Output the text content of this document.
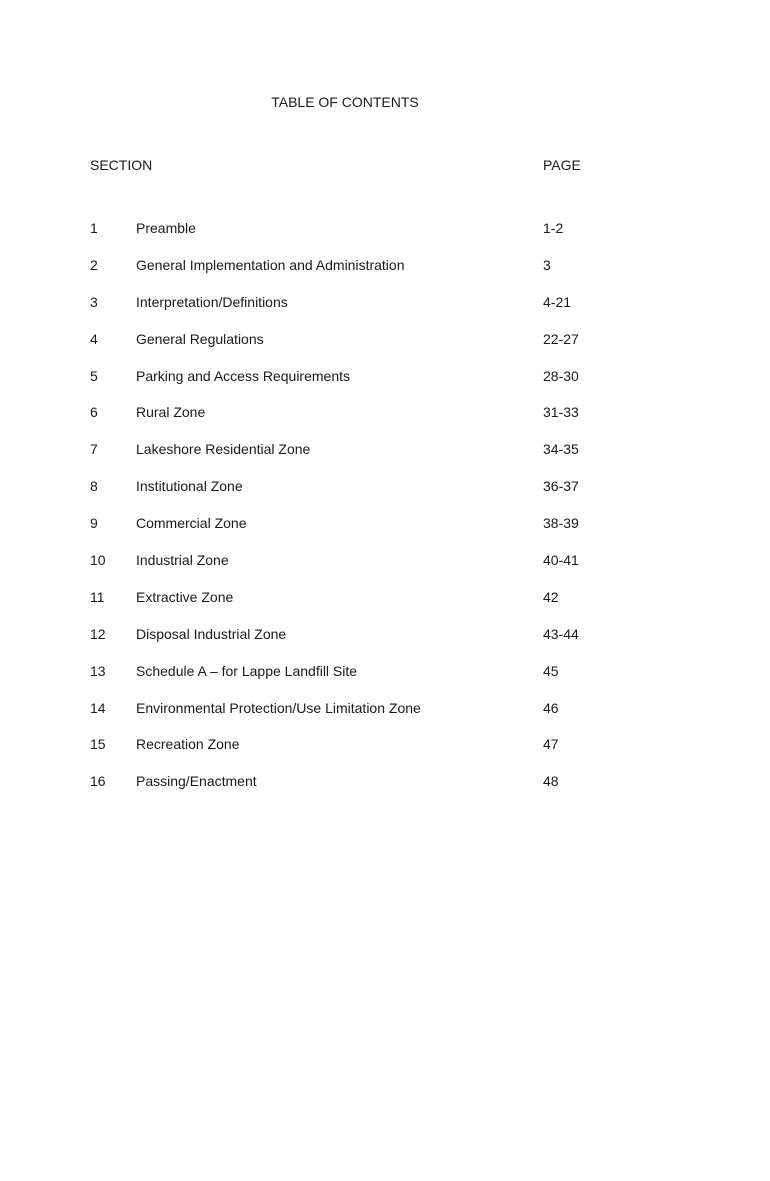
TABLE OF CONTENTS
SECTION	PAGE
1	Preamble	1-2
2	General Implementation and Administration	3
3	Interpretation/Definitions	4-21
4	General Regulations	22-27
5	Parking and Access Requirements	28-30
6	Rural Zone	31-33
7	Lakeshore Residential Zone	34-35
8	Institutional Zone	36-37
9	Commercial Zone	38-39
10 Industrial Zone	40-41
11 Extractive Zone	42
12 Disposal Industrial Zone	43-44
13 Schedule A – for Lappe Landfill Site	45
14 Environmental Protection/Use Limitation Zone	46
15 Recreation Zone	47
16 Passing/Enactment	48
